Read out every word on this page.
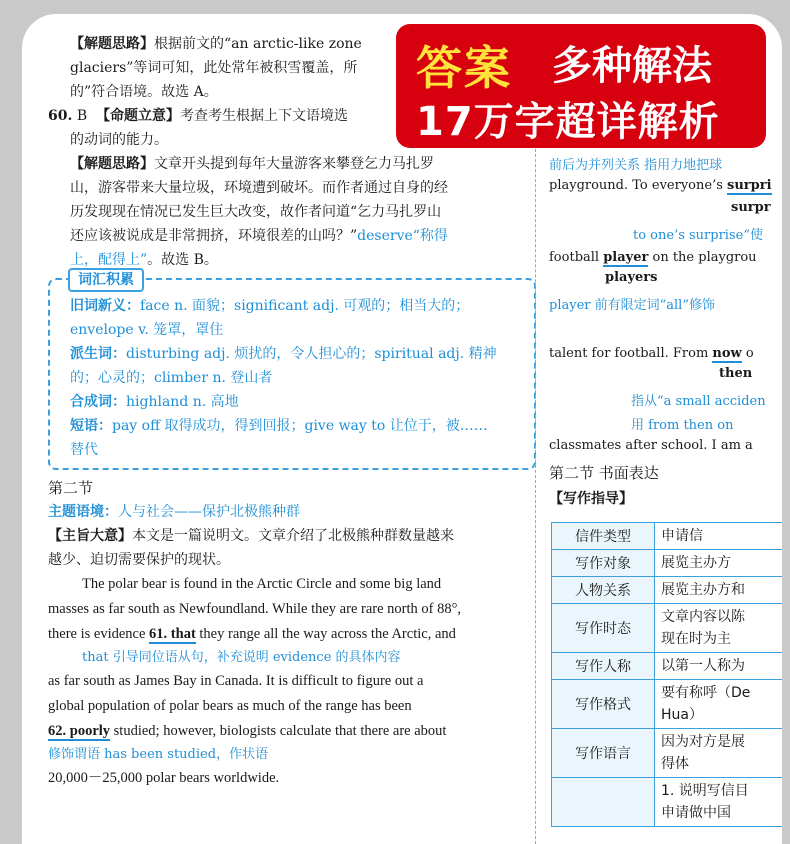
【解题思路】根据前文的“an arctic-like zone

glaciers”等词可知，此处常年被积雪覆盖，所

的”符合语境。故选 A。

60. B 【命题立意】考查考生根据上下文语境选

的动词的能力。

【解题思路】文章开头提到每年大量游客来攀登乞力马扎罗

山，游客带来大量垃圾，环境遭到破坏。而作者通过自身的经

历发现现在情况已发生巨大改变，故作者问道“乞力马扎罗山

还应该被说成是非常拥挤，环境很差的山吗？”deserve“称得

上，配得上”。故选 B。

词汇积累

旧词新义：face n. 面貌；significant adj. 可观的；相当大的；

envelope v. 笼罩，罩住

派生词：disturbing adj. 烦扰的，令人担心的；spiritual adj. 精神

的；心灵的；climber n. 登山者

合成词：highland n. 高地

短语：pay off 取得成功，得到回报；give way to 让位于，被……

替代

第二节

主题语境：人与社会——保护北极熊种群

【主旨大意】本文是一篇说明文。文章介绍了北极熊种群数量越来

越少、迫切需要保护的现状。

The polar bear is found in the Arctic Circle and some big land

masses as far south as Newfoundland. While they are rare north of 88°,

there is evidence 61. that they range all the way across the Arctic, and

that 引导同位语从句，补充说明 evidence 的具体内容

as far south as James Bay in Canada. It is difficult to figure out a

global population of polar bears as much of the range has been

62. poorly studied; however, biologists calculate that there are about

修饰谓语 has been studied，作状语

20,000－25,000 polar bears worldwide.

前后为并列关系 指用力地把球
playground. To everyone’s surpri
surpr
to one’s surprise“使
football player on the playgrou
players
player 前有限定词“all”修饰
talent for football. From now o
then
指从“a small acciden
用 from then on
classmates after school. I am a
第二节 书面表达
【写作指导】
信件类型	申请信
写作对象	展览主办方
人物关系	展览主办方和
写作时态	文章内容以陈
现在时为主
写作人称	以第一人称为
写作格式	要有称呼（De
Hua）
写作语言	因为对方是展
得体
	1. 说明写信目
申请做中国
答案 多种解法
17万字超详解析
